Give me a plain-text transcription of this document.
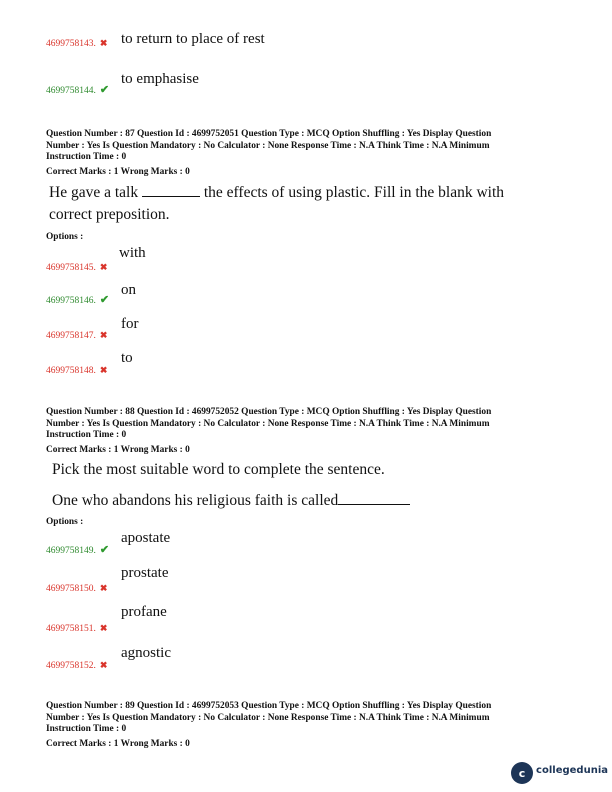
4699758143. ✖ to return to place of rest
4699758144. ✔
to emphasise
Question Number : 87 Question Id : 4699752051 Question Type : MCQ Option Shuffling : Yes Display Question
Number : Yes Is Question Mandatory : No Calculator : None Response Time : N.A Think Time : N.A Minimum
Instruction Time : 0
Correct Marks : 1 Wrong Marks : 0
He gave a talk	the effects of using plastic. Fill in the blank with
correct preposition.
Options :
4699758145. ✖
with
4699758146. ✔
on
4699758147. ✖
for
4699758148. ✖
to
Question Number : 88 Question Id : 4699752052 Question Type : MCQ Option Shuffling : Yes Display Question
Number : Yes Is Question Mandatory : No Calculator : None Response Time : N.A Think Time : N.A Minimum
Instruction Time : 0
Correct Marks : 1 Wrong Marks : 0
Pick the most suitable word to complete the sentence.
One who abandons his religious faith is called
Options :
4699758149. ✔
apostate
4699758150. ✖
prostate
4699758151. ✖
profane
4699758152. ✖
agnostic
Question Number : 89 Question Id : 4699752053 Question Type : MCQ Option Shuffling : Yes Display Question
Number : Yes Is Question Mandatory : No Calculator : None Response Time : N.A Think Time : N.A Minimum
Instruction Time : 0
Correct Marks : 1 Wrong Marks : 0
c	collegedunia
